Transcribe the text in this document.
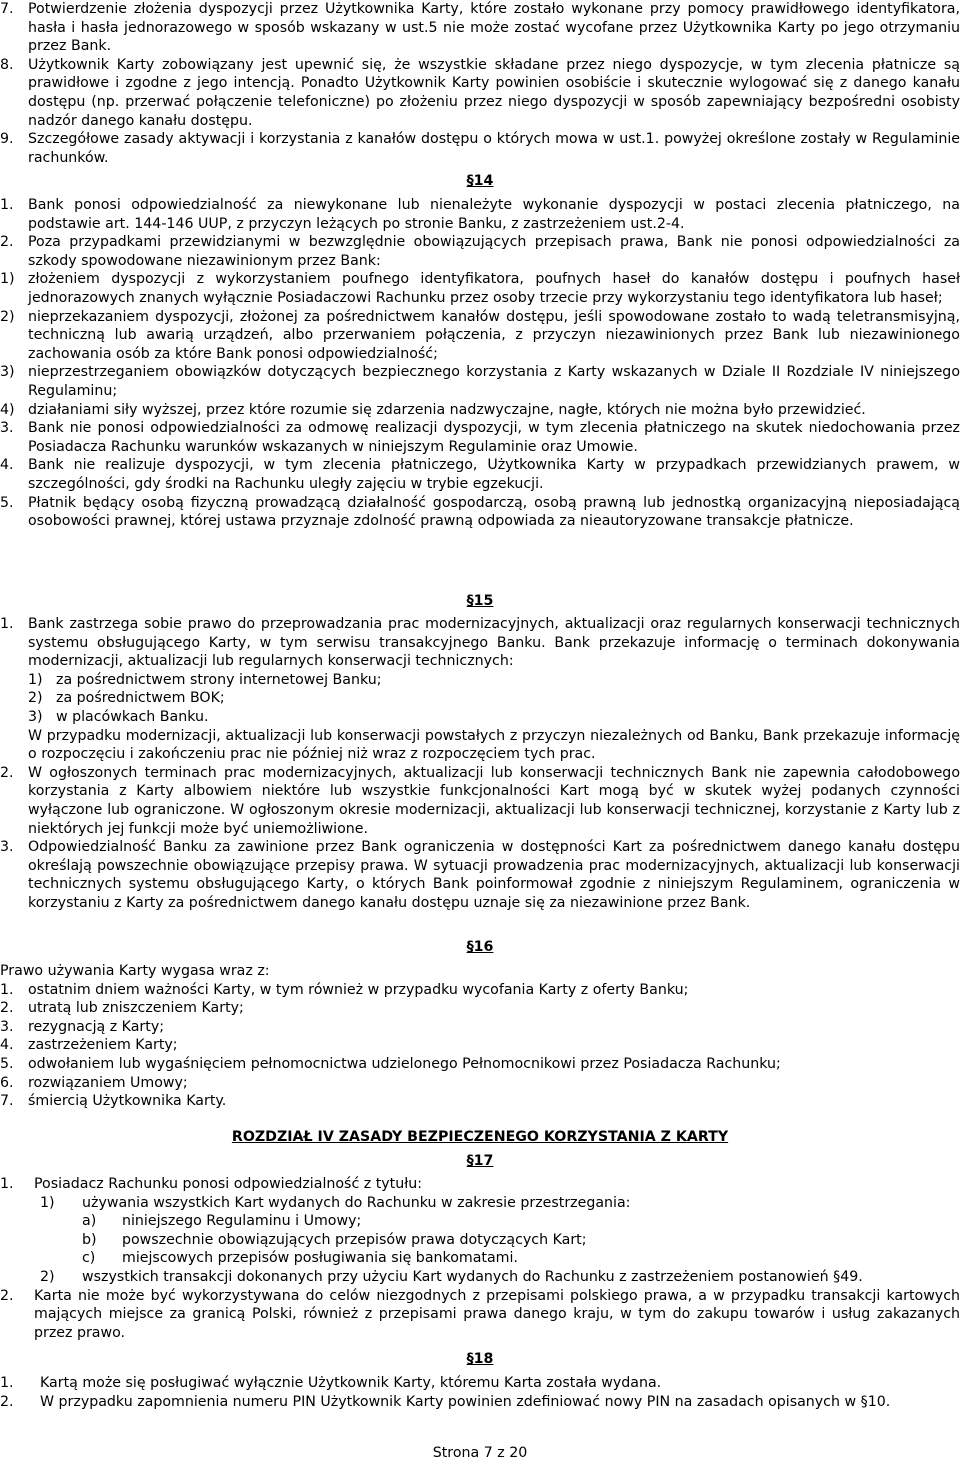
7.	Potwierdzenie złożenia dyspozycji przez Użytkownika Karty, które zostało wykonane przy pomocy prawidłowego identyfikatora, hasła i hasła jednorazowego w sposób wskazany w ust.5 nie może zostać wycofane przez Użytkownika Karty po jego otrzymaniu przez Bank.
8.	Użytkownik Karty zobowiązany jest upewnić się, że wszystkie składane przez niego dyspozycje, w tym zlecenia płatnicze są prawidłowe i zgodne z jego intencją. Ponadto Użytkownik Karty powinien osobiście i skutecznie wylogować się z danego kanału dostępu (np. przerwać połączenie telefoniczne) po złożeniu przez niego dyspozycji w sposób zapewniający bezpośredni osobisty nadzór danego kanału dostępu.
9.	Szczegółowe zasady aktywacji i korzystania z kanałów dostępu o których mowa w ust.1. powyżej określone zostały w Regulaminie rachunków.

§14

1.	Bank ponosi odpowiedzialność za niewykonane lub nienależyte wykonanie dyspozycji w postaci zlecenia płatniczego, na podstawie art. 144-146 UUP, z przyczyn leżących po stronie Banku, z zastrzeżeniem ust.2-4.
2.	Poza przypadkami przewidzianymi w bezwzględnie obowiązujących przepisach prawa, Bank nie ponosi odpowiedzialności za szkody spowodowane niezawinionym przez Bank:
1) złożeniem dyspozycji z wykorzystaniem poufnego identyfikatora, poufnych haseł do kanałów dostępu i poufnych haseł jednorazowych znanych wyłącznie Posiadaczowi Rachunku przez osoby trzecie przy wykorzystaniu tego identyfikatora lub haseł;
2) nieprzekazaniem dyspozycji, złożonej za pośrednictwem kanałów dostępu, jeśli spowodowane zostało to wadą teletransmisyjną, techniczną lub awarią urządzeń, albo przerwaniem połączenia, z przyczyn niezawinionych przez Bank lub niezawinionego zachowania osób za które Bank ponosi odpowiedzialność;
3) nieprzestrzeganiem obowiązków dotyczących bezpiecznego korzystania z Karty wskazanych w Dziale II Rozdziale IV niniejszego Regulaminu;
4) działaniami siły wyższej, przez które rozumie się zdarzenia nadzwyczajne, nagłe, których nie można było przewidzieć.
3.	Bank nie ponosi odpowiedzialności za odmowę realizacji dyspozycji, w tym zlecenia płatniczego na skutek niedochowania przez Posiadacza Rachunku warunków wskazanych w niniejszym Regulaminie oraz Umowie.
4.	Bank nie realizuje dyspozycji, w tym zlecenia płatniczego, Użytkownika Karty w przypadkach przewidzianych prawem, w szczególności, gdy środki na Rachunku uległy zajęciu w trybie egzekucji.
5.	Płatnik będący osobą fizyczną prowadzącą działalność gospodarczą, osobą prawną lub jednostką organizacyjną nieposiadającą osobowości prawnej, której ustawa przyznaje zdolność prawną odpowiada za nieautoryzowane transakcje płatnicze.

§15

1.	Bank zastrzega sobie prawo do przeprowadzania prac modernizacyjnych, aktualizacji oraz regularnych konserwacji technicznych systemu obsługującego Karty, w tym serwisu transakcyjnego Banku. Bank przekazuje informację o terminach dokonywania modernizacji, aktualizacji lub regularnych konserwacji technicznych:
1) za pośrednictwem strony internetowej Banku;
2) za pośrednictwem BOK;
3) w placówkach Banku.
W przypadku modernizacji, aktualizacji lub konserwacji powstałych z przyczyn niezależnych od Banku, Bank przekazuje informację o rozpoczęciu i zakończeniu prac nie później niż wraz z rozpoczęciem tych prac.
2.	W ogłoszonych terminach prac modernizacyjnych, aktualizacji lub konserwacji technicznych Bank nie zapewnia całodobowego korzystania z Karty albowiem niektóre lub wszystkie funkcjonalności Kart mogą być w skutek wyżej podanych czynności wyłączone lub ograniczone. W ogłoszonym okresie modernizacji, aktualizacji lub konserwacji technicznej, korzystanie z Karty lub z niektórych jej funkcji może być uniemożliwione.
3.	Odpowiedzialność Banku za zawinione przez Bank ograniczenia w dostępności Kart za pośrednictwem danego kanału dostępu określają powszechnie obowiązujące przepisy prawa. W sytuacji prowadzenia prac modernizacyjnych, aktualizacji lub konserwacji technicznych systemu obsługującego Karty, o których Bank poinformował zgodnie z niniejszym Regulaminem, ograniczenia w korzystaniu z Karty za pośrednictwem danego kanału dostępu uznaje się za niezawinione przez Bank.

§16

Prawo używania Karty wygasa wraz z:

1.	ostatnim dniem ważności Karty, w tym również w przypadku wycofania Karty z oferty Banku;
2.	utratą lub zniszczeniem Karty;
3.	rezygnacją z Karty;
4.	zastrzeżeniem Karty;
5.	odwołaniem lub wygaśnięciem pełnomocnictwa udzielonego Pełnomocnikowi przez Posiadacza Rachunku;
6.	rozwiązaniem Umowy;
7.	śmiercią Użytkownika Karty.

ROZDZIAŁ IV ZASADY BEZPIECZENEGO KORZYSTANIA Z KARTY

§17

1.	Posiadacz Rachunku ponosi odpowiedzialność z tytułu:
1)	używania wszystkich Kart wydanych do Rachunku w zakresie przestrzegania:
a)	niniejszego Regulaminu i Umowy;
b)	powszechnie obowiązujących przepisów prawa dotyczących Kart;
c)	miejscowych przepisów posługiwania się bankomatami.
2)	wszystkich transakcji dokonanych przy użyciu Kart wydanych do Rachunku z zastrzeżeniem postanowień §49.
2.	Karta nie może być wykorzystywana do celów niezgodnych z przepisami polskiego prawa, a w przypadku transakcji kartowych mających miejsce za granicą Polski, również z przepisami prawa danego kraju, w tym do zakupu towarów i usług zakazanych przez prawo.

§18

1.	Kartą może się posługiwać wyłącznie Użytkownik Karty, któremu Karta została wydana.
2.	W przypadku zapomnienia numeru PIN Użytkownik Karty powinien zdefiniować nowy PIN na zasadach opisanych w §10.
Strona 7 z 20
